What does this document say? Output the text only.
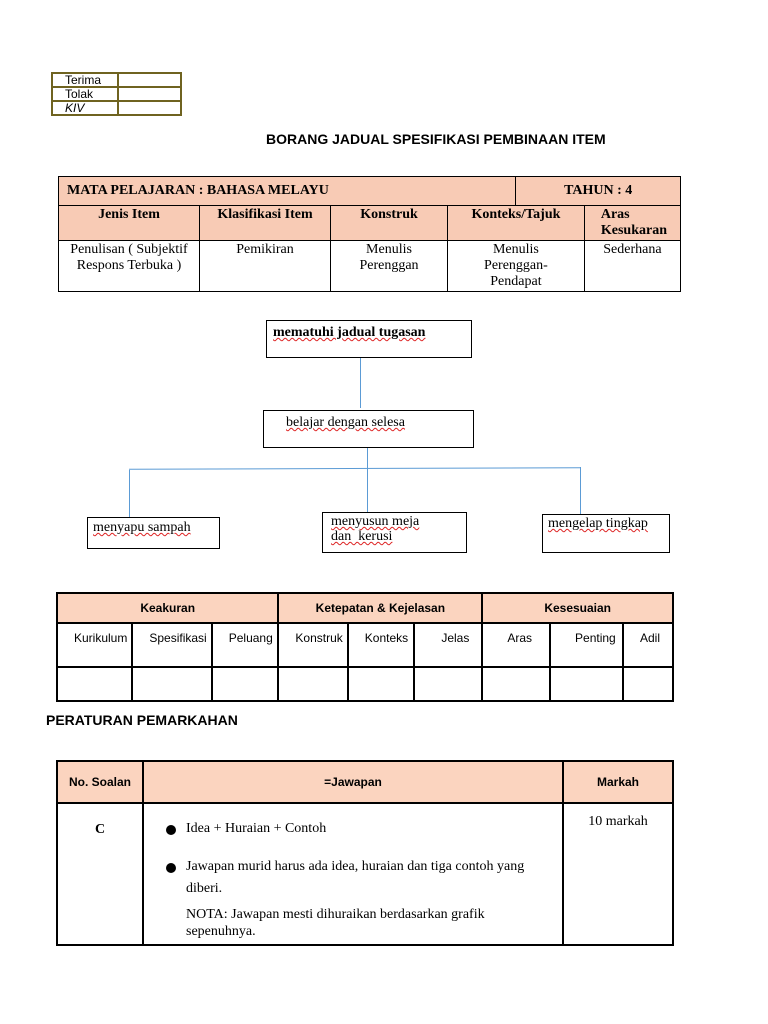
Terima	
Tolak	
KIV	
BORANG JADUAL SPESIFIKASI PEMBINAAN ITEM
MATA PELAJARAN : BAHASA MELAYU				TAHUN : 4	
Jenis Item	Klasifikasi Item	Konstruk	Konteks/Tajuk		Aras Kesukaran
Penulisan ( Subjektif Respons Terbuka )	Pemikiran	Menulis Perenggan	Menulis Perenggan-Pendapat		Sederhana
mematuhi jadual tugasan
belajar dengan selesa
menyapu sampah	menyusun meja
dan  kerusi
mengelap tingkap
Keakuran			Ketepatan & Kejelasan			Kesesuaian		
Kurikulum	Spesifikasi	Peluang	Konstruk	Konteks	Jelas	Aras	Penting	Adil

PERATURAN PEMARKAHAN
No. Soalan	=Jawapan	Markah
C	Idea + Huraian + Contoh
Jawapan murid harus ada idea, huraian dan tiga contoh yang diberi.
NOTA: Jawapan mesti dihuraikan berdasarkan grafik sepenuhnya.	10 markah
